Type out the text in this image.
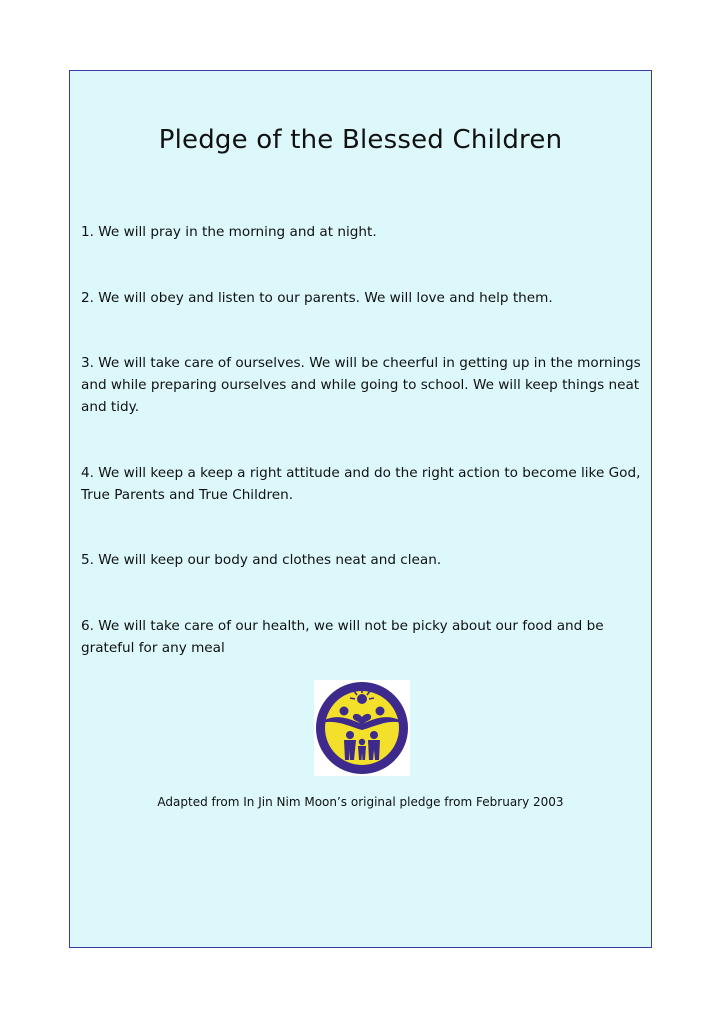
Pledge of the Blessed Children
1. We will pray in the morning and at night.
2. We will obey and listen to our parents. We will love and help them.
3. We will take care of ourselves. We will be cheerful in getting up in the mornings and while preparing ourselves and while going to school. We will keep things neat and tidy.
4. We will keep a keep a right attitude and do the right action to become like God, True Parents and True Children.
5. We will keep our body and clothes neat and clean.
6. We will take care of our health, we will not be picky about our food and be grateful for any meal
Adapted from In Jin Nim Moon’s original pledge from February 2003
